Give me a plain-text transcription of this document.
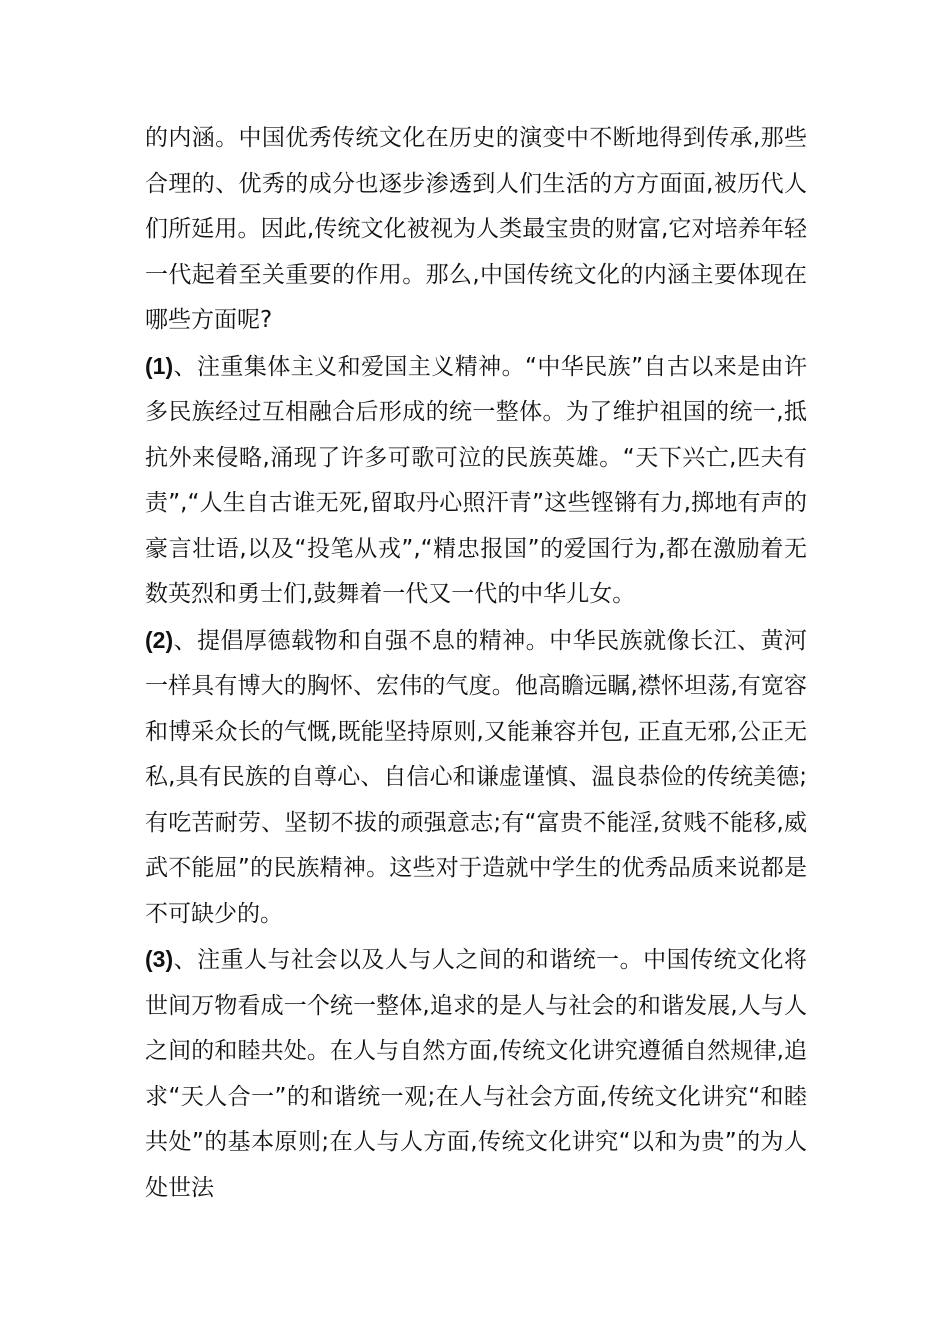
的内涵。中国优秀传统文化在历史的演变中不断地得到传承,那些合理的、优秀的成分也逐步渗透到人们生活的方方面面,被历代人们所延用。因此,传统文化被视为人类最宝贵的财富,它对培养年轻一代起着至关重要的作用。那么,中国传统文化的内涵主要体现在哪些方面呢?

(1)、注重集体主义和爱国主义精神。“中华民族”自古以来是由许多民族经过互相融合后形成的统一整体。为了维护祖国的统一,抵抗外来侵略,涌现了许多可歌可泣的民族英雄。“天下兴亡,匹夫有责”,“人生自古谁无死,留取丹心照汗青”这些铿锵有力,掷地有声的豪言壮语,以及“投笔从戎”,“精忠报国”的爱国行为,都在激励着无数英烈和勇士们,鼓舞着一代又一代的中华儿女。

(2)、提倡厚德载物和自强不息的精神。中华民族就像长江、黄河一样具有博大的胸怀、宏伟的气度。他高瞻远瞩,襟怀坦荡,有宽容和博采众长的气慨,既能坚持原则,又能兼容并包, 正直无邪,公正无私,具有民族的自尊心、自信心和谦虚谨慎、温良恭俭的传统美德;有吃苦耐劳、坚韧不拔的顽强意志;有“富贵不能淫,贫贱不能移,威武不能屈”的民族精神。这些对于造就中学生的优秀品质来说都是不可缺少的。

(3)、注重人与社会以及人与人之间的和谐统一。中国传统文化将世间万物看成一个统一整体,追求的是人与社会的和谐发展,人与人之间的和睦共处。在人与自然方面,传统文化讲究遵循自然规律,追求“天人合一”的和谐统一观;在人与社会方面,传统文化讲究“和睦共处”的基本原则;在人与人方面,传统文化讲究“以和为贵”的为人处世法
